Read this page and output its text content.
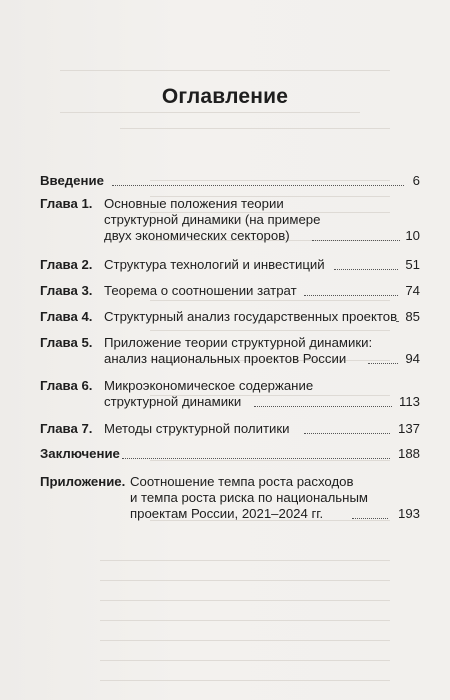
Оглавление
Введение	6
Глава 1. Основные положения теории
структурной динамики (на примере
двух экономических секторов)	10
Глава 2. Структура технологий и инвестиций	51
Глава 3. Теорема о соотношении затрат	74
Глава 4. Структурный анализ государственных проектов 85
Глава 5. Приложение теории структурной динамики:
анализ национальных проектов России	94
Глава 6. Микроэкономическое содержание
структурной динамики	113
Глава 7. Методы структурной политики	137
Заключение	188
Приложение. Соотношение темпа роста расходов
и темпа роста риска по национальным
проектам России, 2021–2024 гг.	193
